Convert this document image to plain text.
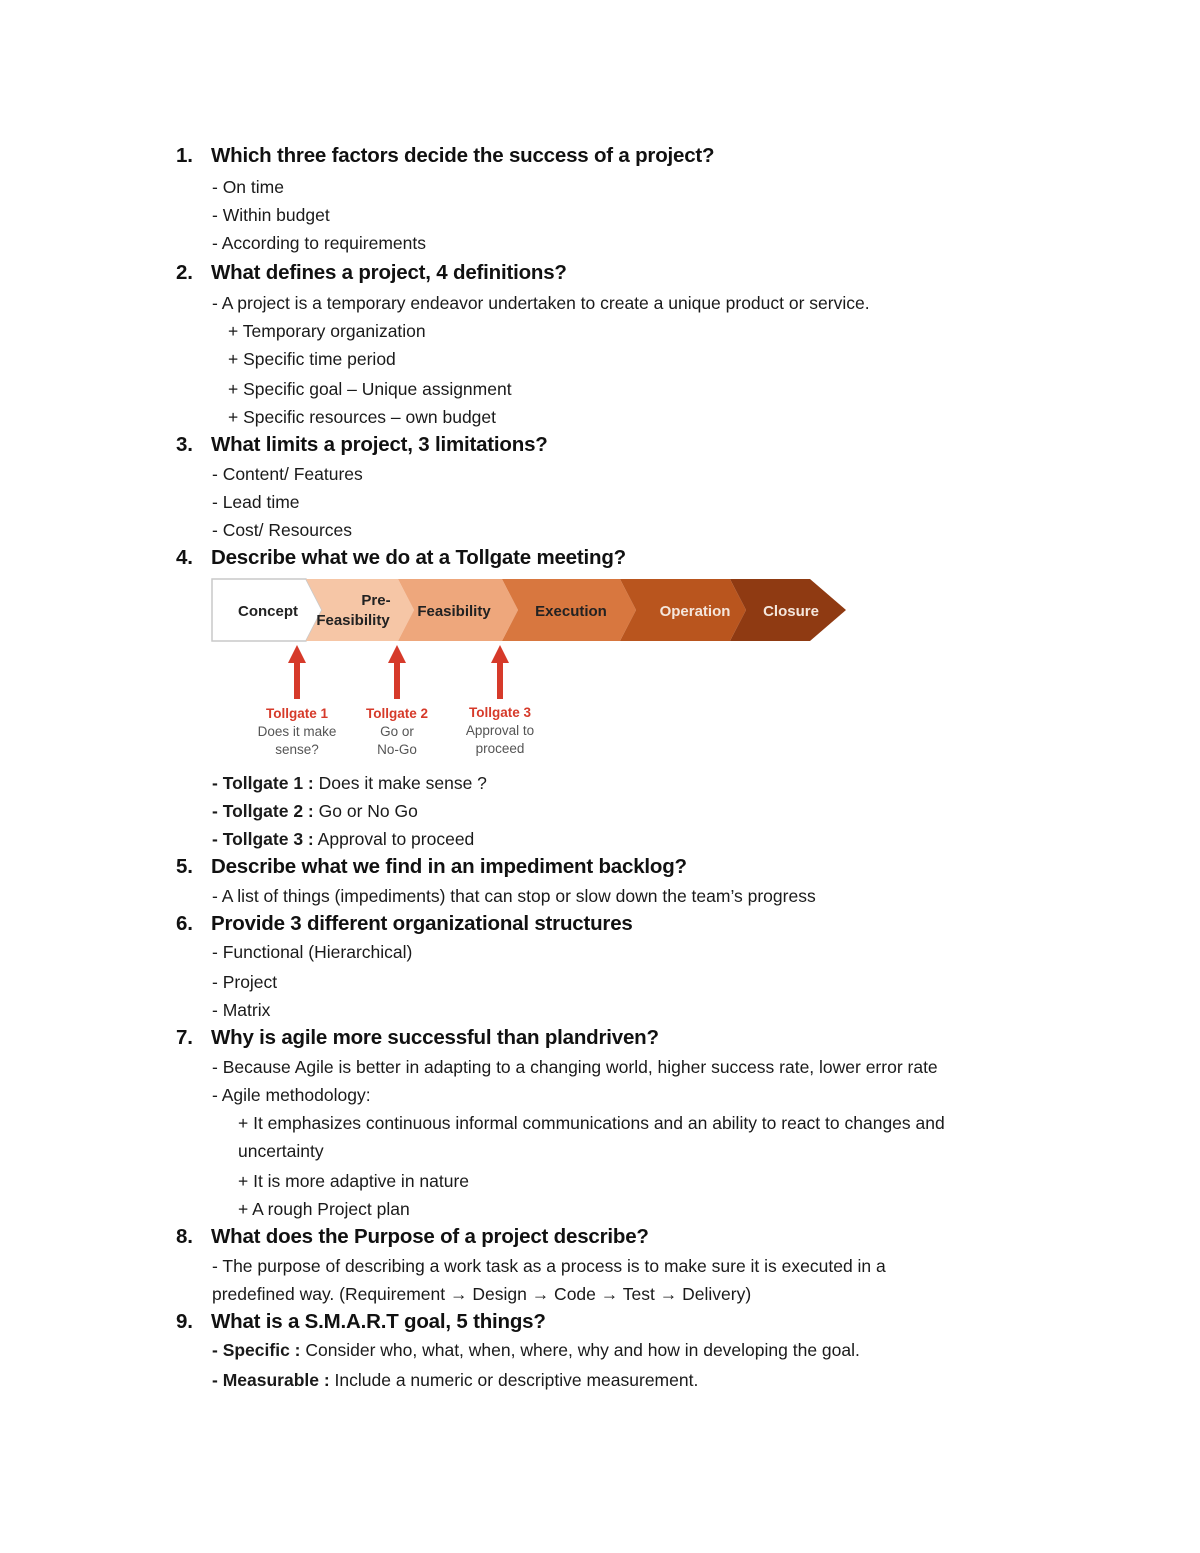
1. Which three factors decide the success of a project?
- On time
- Within budget
- According to requirements
2. What defines a project, 4 definitions?
- A project is a temporary endeavor undertaken to create a unique product or service.
+ Temporary organization
+ Specific time period
+ Specific goal – Unique assignment
+ Specific resources – own budget
3. What limits a project, 3 limitations?
- Content/ Features
- Lead time
- Cost/ Resources
4. Describe what we do at a Tollgate meeting?
Concept
Pre-
Feasibility
Feasibility	Execution	Operation Closure
Tollgate 1
Does it make
sense?
Tollgate 2
Go or
No-Go
Tollgate 3
Approval to
proceed
- Tollgate 1 : Does it make sense ?
- Tollgate 2 : Go or No Go
- Tollgate 3 : Approval to proceed
5. Describe what we find in an impediment backlog?
- A list of things (impediments) that can stop or slow down the team’s progress
6. Provide 3 different organizational structures
- Functional (Hierarchical)
- Project
- Matrix
7. Why is agile more successful than plandriven?
- Because Agile is better in adapting to a changing world, higher success rate, lower error rate
- Agile methodology:
+ It emphasizes continuous informal communications and an ability to react to changes and
uncertainty
+ It is more adaptive in nature
+ A rough Project plan
8. What does the Purpose of a project describe?
- The purpose of describing a work task as a process is to make sure it is executed in a
predefined way. (Requirement → Design → Code → Test → Delivery)
9. What is a S.M.A.R.T goal, 5 things?
- Specific : Consider who, what, when, where, why and how in developing the goal.
- Measurable : Include a numeric or descriptive measurement.
